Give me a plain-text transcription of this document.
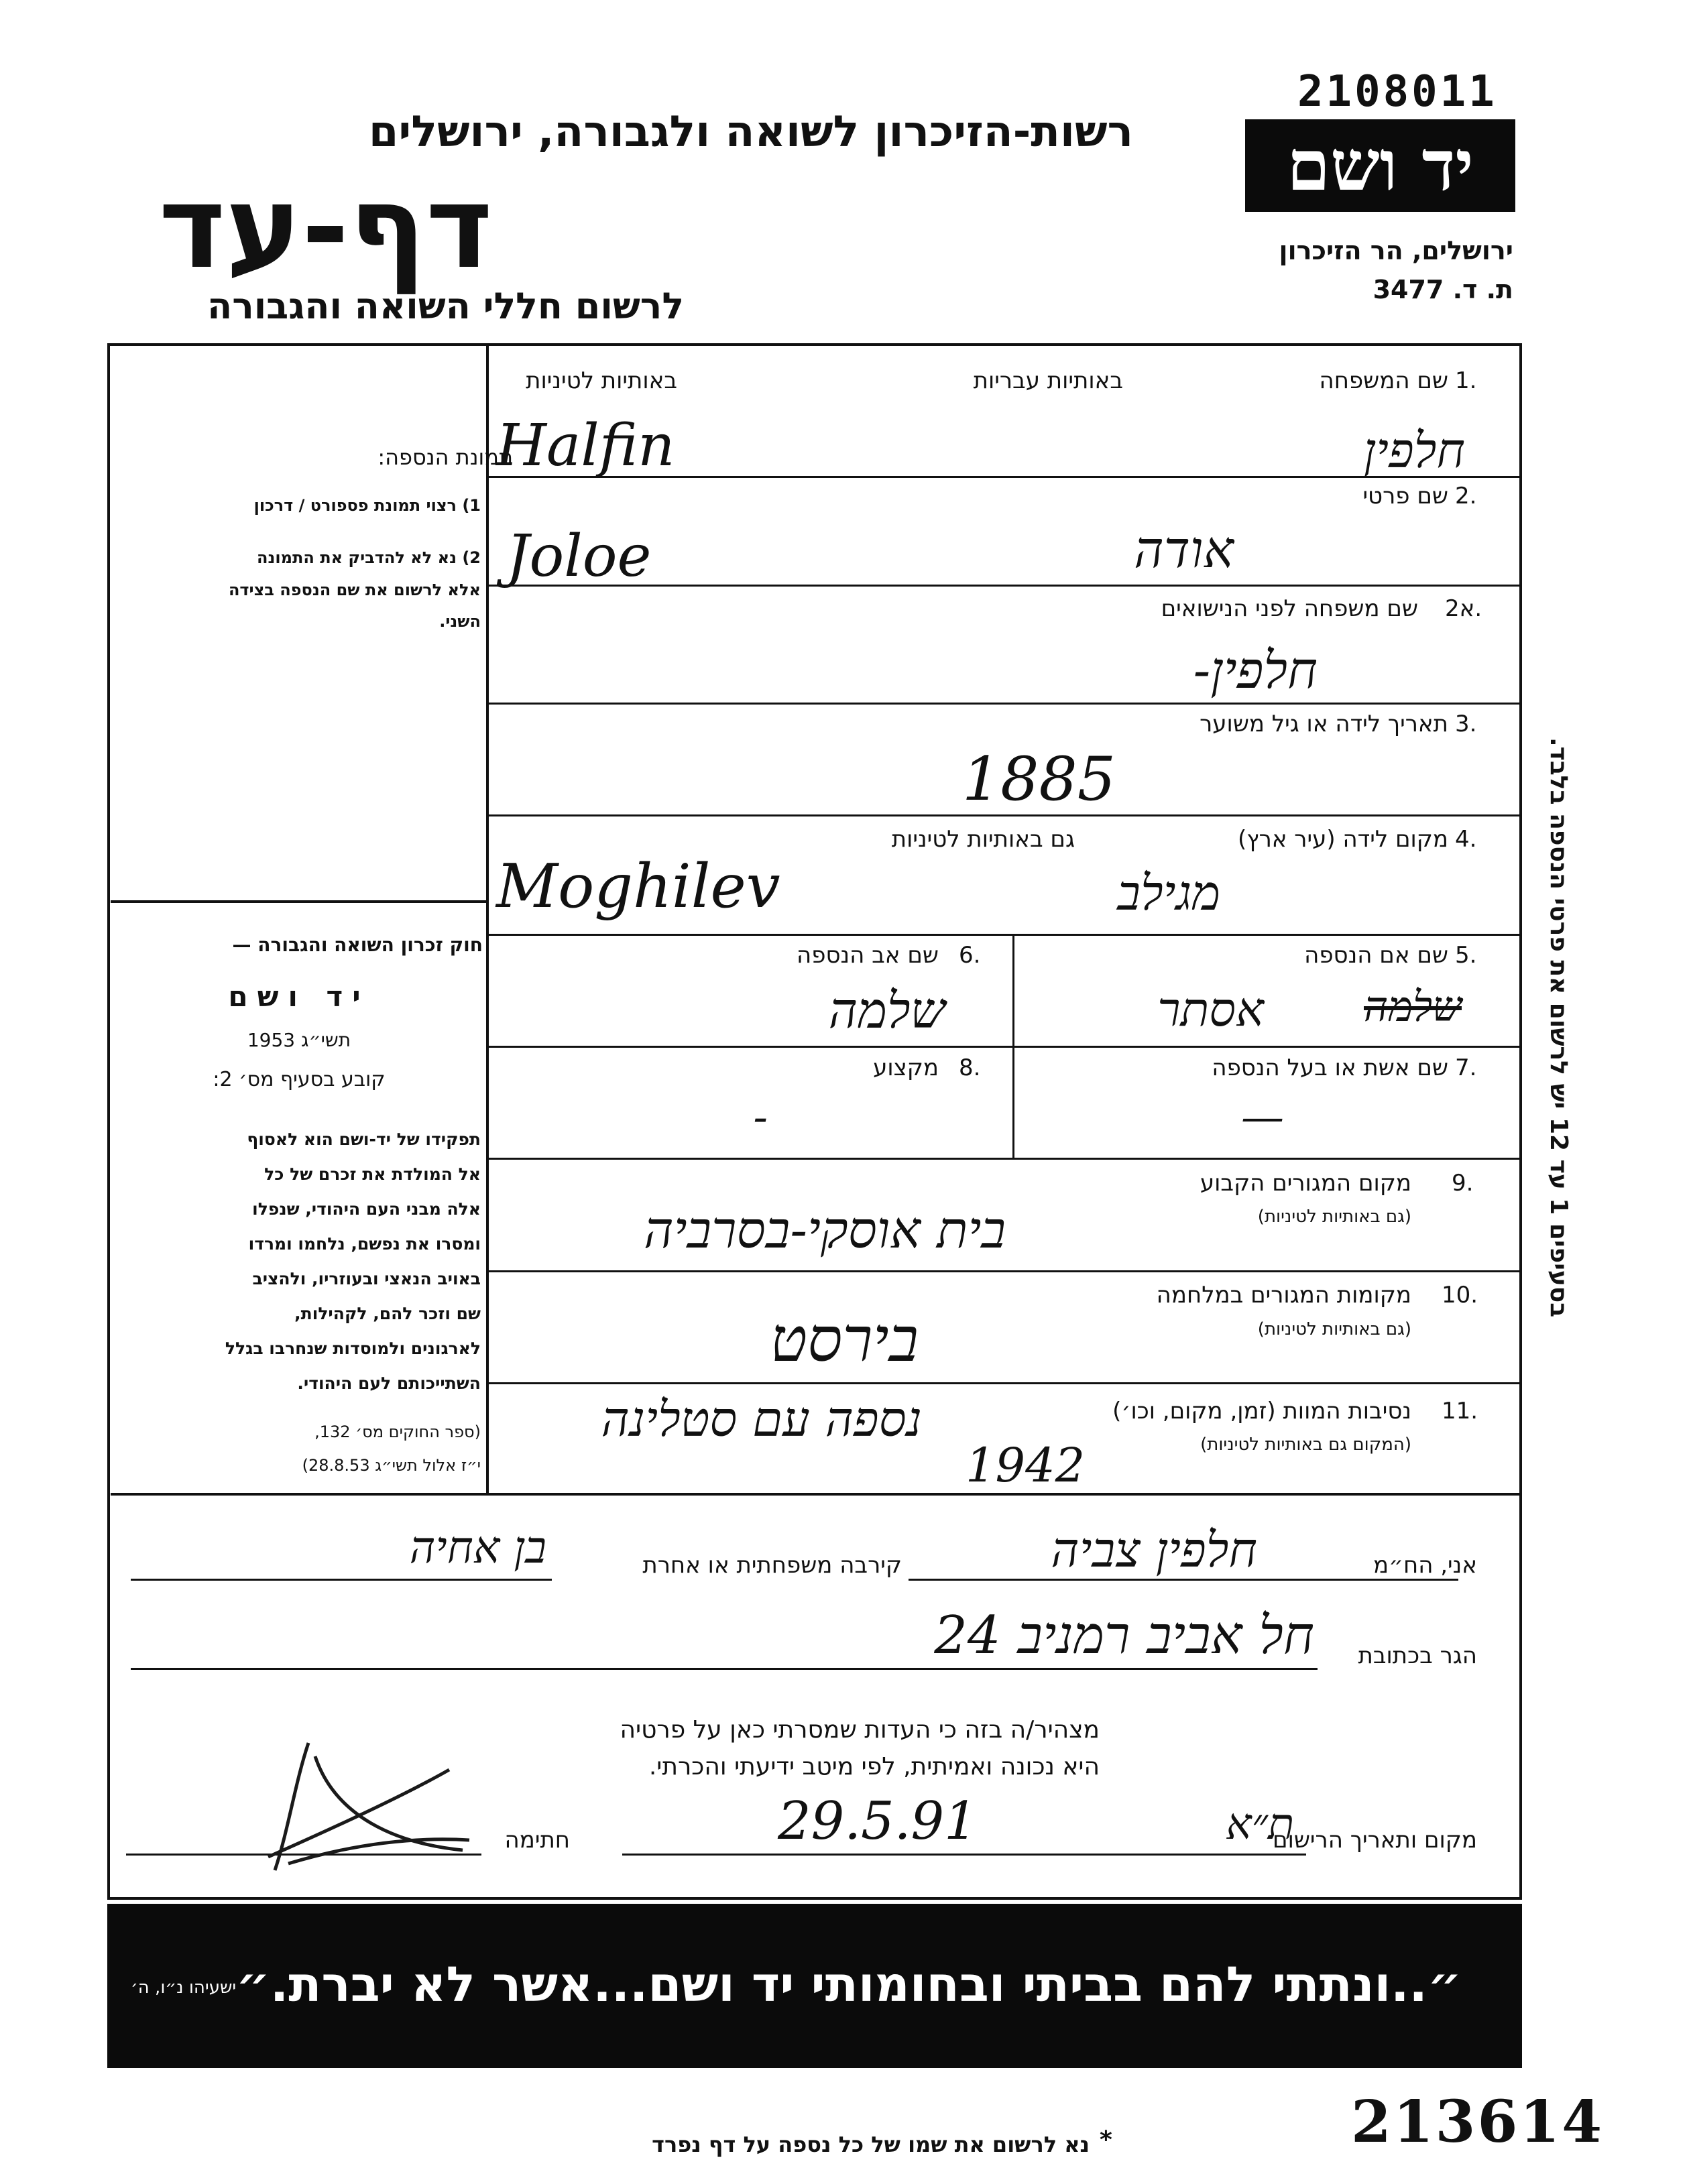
2108011
רשות-הזיכרון לשואה ולגבורה, ירושלים
דף-עד
לרשום חללי השואה והגבורה
יד ושם
ירושלים, הר הזיכרון
ת. ד. 3477
תמונת הנספה:
1) רצוי תמונת פספורט / דרכון
2) נא לא להדביק את התמונה
אלא לרשום את שם הנספה בצידה
השני.
חוק זכרון השואה והגבורה —
יד ושם
תשי״ג 1953
קובע בסעיף מס׳ 2:
תפקידו של יד-ושם הוא לאסוף
אל המולדת את זכרם של כל
אלה מבני העם היהודי, שנפלו
ומסרו את נפשם, נלחמו ומרדו
באויב הנאצי ובעוזריו, ולהציב
שם וזכר להם, לקהילות,
לארגונים ולמוסדות שנחרבו בגלל
השתייכותם לעם היהודי.
(ספר החוקים מס׳ 132,
י״ז אלול תשי״ג 28.8.53)
1.
שם המשפחה
באותיות עבריות
באותיות לטיניות
חלפין
Halfin
2.
שם פרטי
אודה
Joloe
2א.
שם משפחה לפני הנישואים
חלפין-
3.
תאריך לידה או גיל משוער
1885
4.
מקום לידה (עיר ארץ)
גם באותיות לטיניות
מגילב
Moghilev
5.
שם אם הנספה
אסתר שלמה
6.
שם אב הנספה
שלמה
7.
שם אשת או בעל הנספה
—
8.
מקצוע
-
9.
מקום המגורים הקבוע
(גם באותיות לטיניות)
בית אוסקי-בסרביה
10.
מקומות המגורים במלחמה
(גם באותיות לטיניות)
בירסט
11.
נסיבות המוות (זמן, מקום, וכו׳)
(המקום גם באותיות לטיניות)
נספה עם סטלינה
1942
אני, הח״מ
חלפין צביה
קירבה משפחתית או אחרת
בן אחיה
הגר בכתובת
חל אביב רמניב 24
מצהיר/ה בזה כי העדות שמסרתי כאן על פרטיה
היא נכונה ואמיתית, לפי מיטב ידיעתי והכרתי.
מקום ותאריך הרישום
ת״א
29.5.91
חתימה
״..ונתתי להם בביתי ובחומותי יד ושם...אשר לא יברת.״
ישעיהו נ״ו, ה׳
נא לרשום את שמו של כל נספה על דף נפרד *	213614
בסעיפים 1 עד 12 יש לרשום את פרטי הנספה בלבד.
